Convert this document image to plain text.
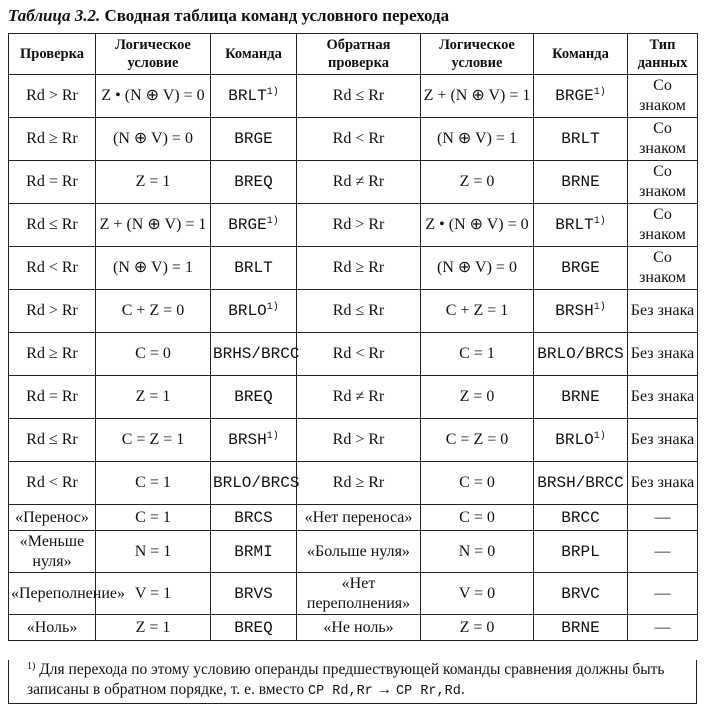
Таблица 3.2. Сводная таблица команд условного перехода
Проверка	Логическое условие	Команда	Обратная проверка	Логическое условие	Команда	Тип данных
Rd > Rr	Z • (N ⊕ V) = 0	BRLT$^{1)}$	Rd ≤ Rr	Z + (N ⊕ V) = 1	BRGE$^{1)}$	Со знаком
Rd ≥ Rr	(N ⊕ V) = 0	BRGE	Rd < Rr	(N ⊕ V) = 1	BRLT	Со знаком
Rd = Rr	Z = 1	BREQ	Rd ≠ Rr	Z = 0	BRNE	Со знаком
Rd ≤ Rr	Z + (N ⊕ V) = 1	BRGE$^{1)}$	Rd > Rr	Z • (N ⊕ V) = 0	BRLT$^{1)}$	Со знаком
Rd < Rr	(N ⊕ V) = 1	BRLT	Rd ≥ Rr	(N ⊕ V) = 0	BRGE	Со знаком
Rd > Rr	C + Z = 0	BRLO$^{1)}$	Rd ≤ Rr	C + Z = 1	BRSH$^{1)}$	Без знака
Rd ≥ Rr	C = 0	BRHS/BRCC	Rd < Rr	C = 1	BRLO/BRCS	Без знака
Rd = Rr	Z = 1	BREQ	Rd ≠ Rr	Z = 0	BRNE	Без знака
Rd ≤ Rr	C = Z = 1	BRSH$^{1)}$	Rd > Rr	C = Z = 0	BRLO$^{1)}$	Без знака
Rd < Rr	C = 1	BRLO/BRCS	Rd ≥ Rr	C = 0	BRSH/BRCC	Без знака
«Перенос»	C = 1	BRCS	«Нет переноса»	C = 0	BRCC	—
«Меньше нуля»	N = 1	BRMI	«Больше нуля»	N = 0	BRPL	—
«Переполнение»	V = 1	BRVS	«Нет переполнения»	V = 0	BRVC	—
«Ноль»	Z = 1	BREQ	«Не ноль»	Z = 0	BRNE	—
$^{1)}$ Для перехода по этому условию операнды предшествующей команды сравнения должны быть записаны в обратном порядке, т. е. вместо CP Rd,Rr → CP Rr,Rd.
